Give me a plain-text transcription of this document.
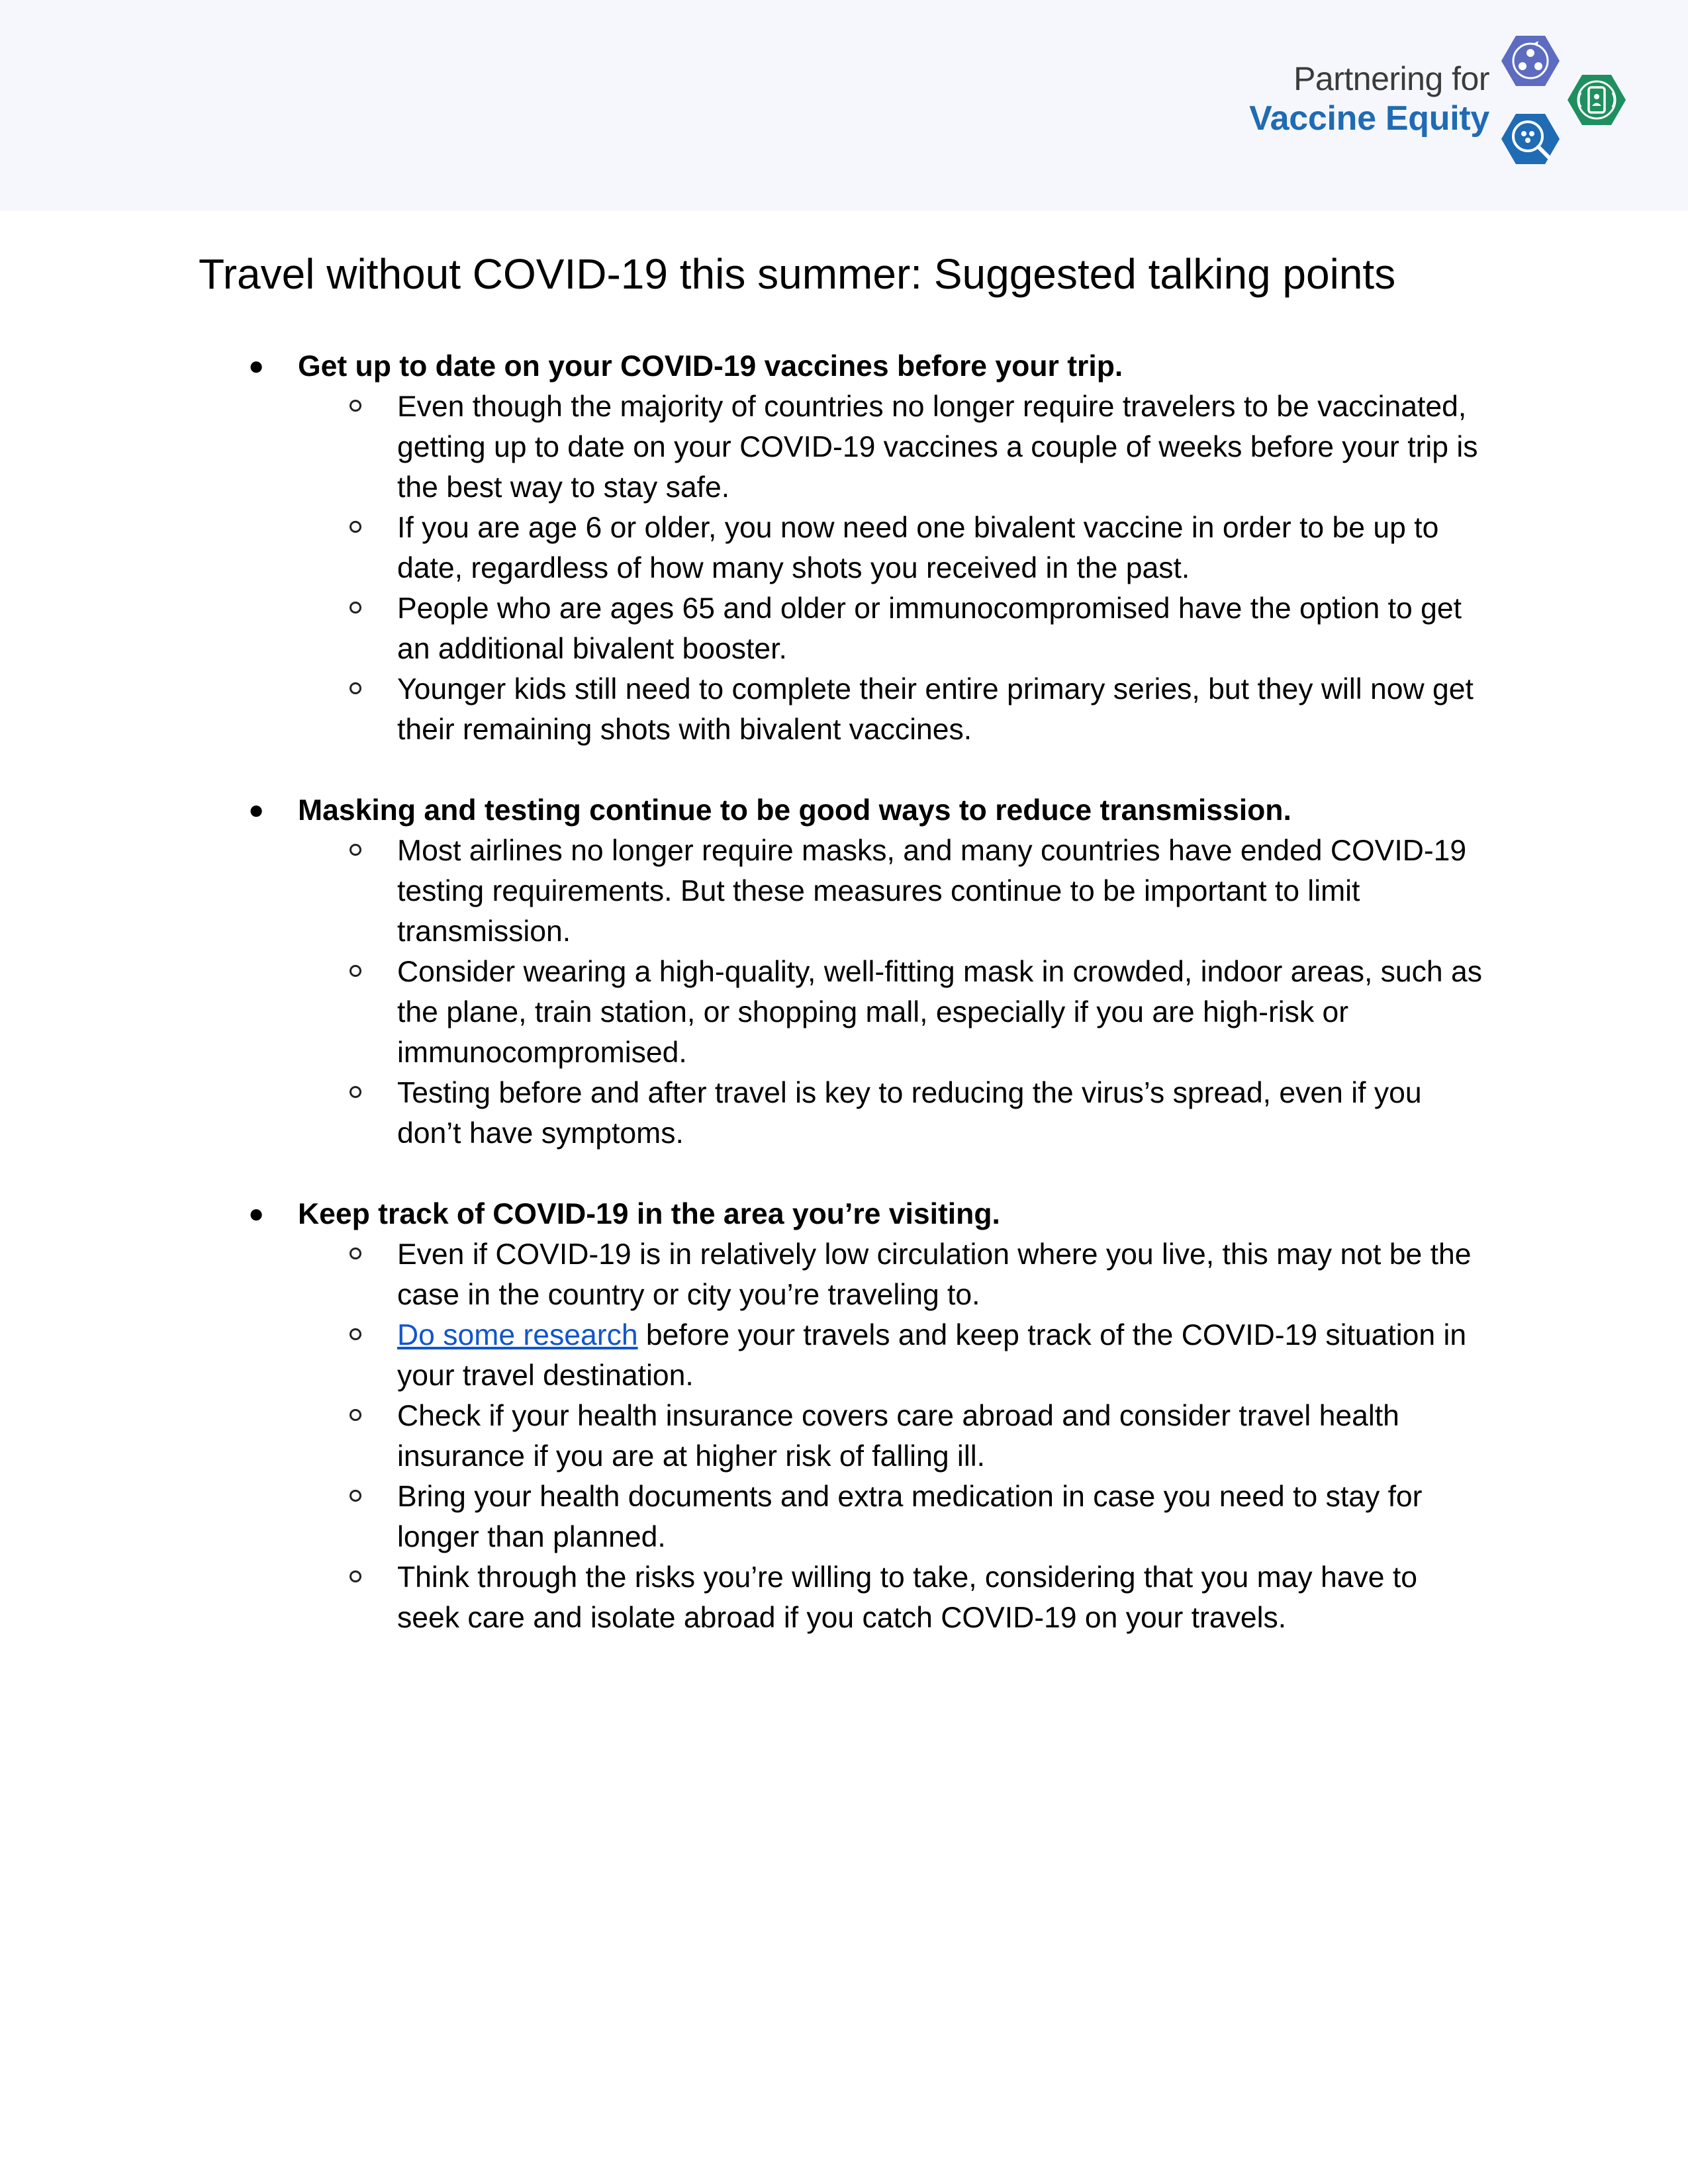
Partnering for
Vaccine Equity
Travel without COVID-19 this summer: Suggested talking points
● Get up to date on your COVID-19 vaccines before your trip.
Even though the majority of countries no longer require travelers to be vaccinated, getting up to date on your COVID-19 vaccines a couple of weeks before your trip is the best way to stay safe.
If you are age 6 or older, you now need one bivalent vaccine in order to be up to date, regardless of how many shots you received in the past.
People who are ages 65 and older or immunocompromised have the option to get an additional bivalent booster.
Younger kids still need to complete their entire primary series, but they will now get their remaining shots with bivalent vaccines.
● Masking and testing continue to be good ways to reduce transmission.
Most airlines no longer require masks, and many countries have ended COVID-19 testing requirements. But these measures continue to be important to limit transmission.
Consider wearing a high-quality, well-fitting mask in crowded, indoor areas, such as the plane, train station, or shopping mall, especially if you are high-risk or immunocompromised.
Testing before and after travel is key to reducing the virus’s spread, even if you don’t have symptoms.
● Keep track of COVID-19 in the area you’re visiting.
Even if COVID-19 is in relatively low circulation where you live, this may not be the case in the country or city you’re traveling to.
Do some research before your travels and keep track of the COVID-19 situation in your travel destination.
Check if your health insurance covers care abroad and consider travel health insurance if you are at higher risk of falling ill.
Bring your health documents and extra medication in case you need to stay for longer than planned.
Think through the risks you’re willing to take, considering that you may have to seek care and isolate abroad if you catch COVID-19 on your travels.
